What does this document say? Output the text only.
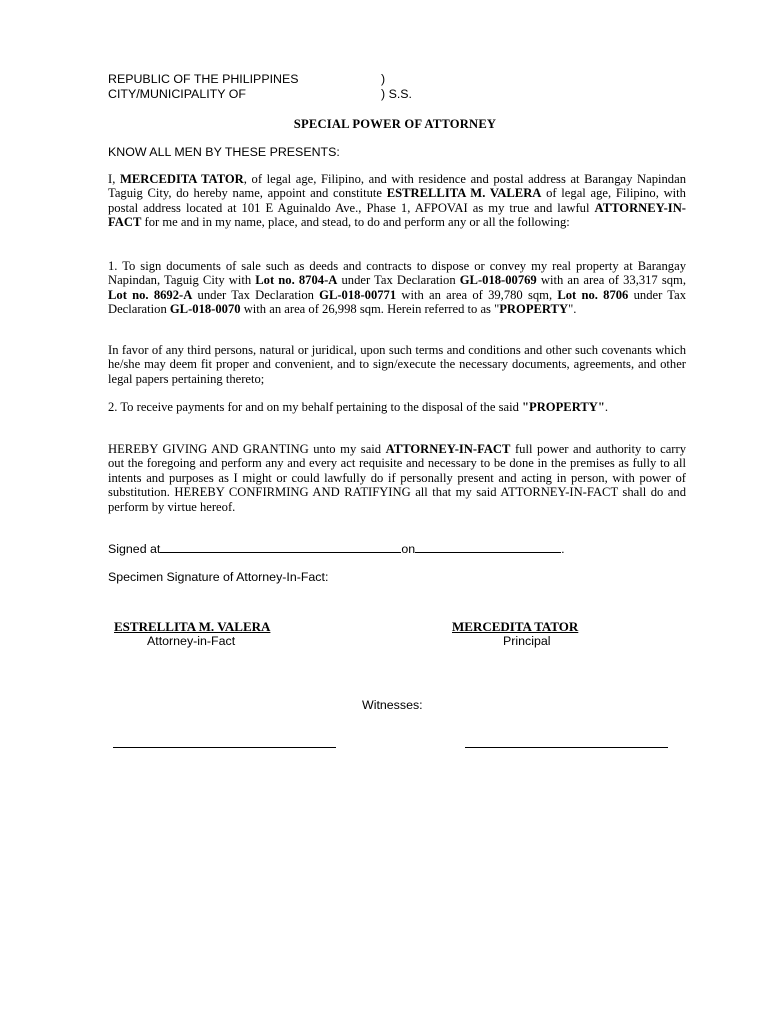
REPUBLIC OF THE PHILIPPINES	)
CITY/MUNICIPALITY OF	) S.S.
SPECIAL POWER OF ATTORNEY
KNOW ALL MEN BY THESE PRESENTS:

I, MERCEDITA TATOR, of legal age, Filipino, and with residence and postal address at Barangay Napindan Taguig City, do hereby name, appoint and constitute ESTRELLITA M. VALERA of legal age, Filipino, with postal address located at 101 E Aguinaldo Ave., Phase 1, AFPOVAI as my true and lawful ATTORNEY-IN-FACT for me and in my name, place, and stead, to do and perform any or all the following:

1. To sign documents of sale such as deeds and contracts to dispose or convey my real property at Barangay Napindan, Taguig City with Lot no. 8704-A under Tax Declaration GL-018-00769 with an area of 33,317 sqm, Lot no. 8692-A under Tax Declaration GL-018-00771 with an area of 39,780 sqm, Lot no. 8706 under Tax Declaration GL-018-0070 with an area of 26,998 sqm. Herein referred to as "PROPERTY".

In favor of any third persons, natural or juridical, upon such terms and conditions and other such covenants which he/she may deem fit proper and convenient, and to sign/execute the necessary documents, agreements, and other legal papers pertaining thereto;

2. To receive payments for and on my behalf pertaining to the disposal of the said "PROPERTY".

HEREBY GIVING AND GRANTING unto my said ATTORNEY-IN-FACT full power and authority to carry out the foregoing and perform any and every act requisite and necessary to be done in the premises as fully to all intents and purposes as I might or could lawfully do if personally present and acting in person, with power of substitution. HEREBY CONFIRMING AND RATIFYING all that my said ATTORNEY-IN-FACT shall do and perform by virtue hereof.

Signed at	on	.
Specimen Signature of Attorney-In-Fact:
ESTRELLITA M. VALERA
Attorney-in-Fact
MERCEDITA TATOR
Principal
Witnesses:
